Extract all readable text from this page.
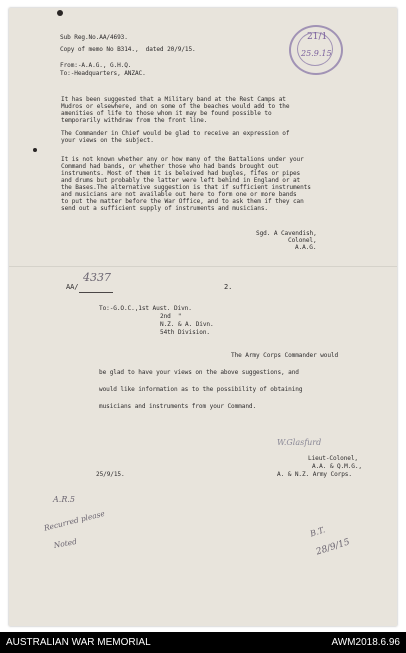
Sub Reg.No.AA/4693.
Copy of memo No B314.,  dated 20/9/15.
From:-A.A.G., G.H.Q.
To:-Headquarters, ANZAC.
21/1
25.9.15
It has been suggested that a Military band at the Rest Camps at
Mudros or elsewhere, and on some of the beaches would add to the
amenities of life to those whom it may be found possible to
temporarily withdraw from the front line.
The Commander in Chief would be glad to receive an expression of
your views on the subject.
It is not known whether any or how many of the Battalions under your
Command had bands, or whether those who had bands brought out
instruments. Most of them it is beleived had bugles, fifes or pipes
and drums but probably the latter were left behind in England or at
the Bases.The alternative suggestion is that if sufficient instruments
and musicians are not available out here to form one or more bands
to put the matter before the War Office, and to ask them if they can
send out a sufficient supply of instruments and musicians.
Sgd. A Cavendish,
Colonel,
A.A.G.
AA/
4337
2.
To:-G.O.C.,1st Aust. Divn.
2nd  "
N.Z. & A. Divn.
54th Division.
The Army Corps Commander would
be glad to have your views on the above suggestions, and
would like information as to the possibility of obtaining
musicians and instruments from your Command.
W.Glasfurd
Lieut-Colonel,
A.A. & Q.M.G.,
A. & N.Z. Army Corps.
25/9/15.
A.R.5
Recurred please
Noted
B.T.
28/9/15
AUSTRALIAN WAR MEMORIAL	AWM2018.6.96
